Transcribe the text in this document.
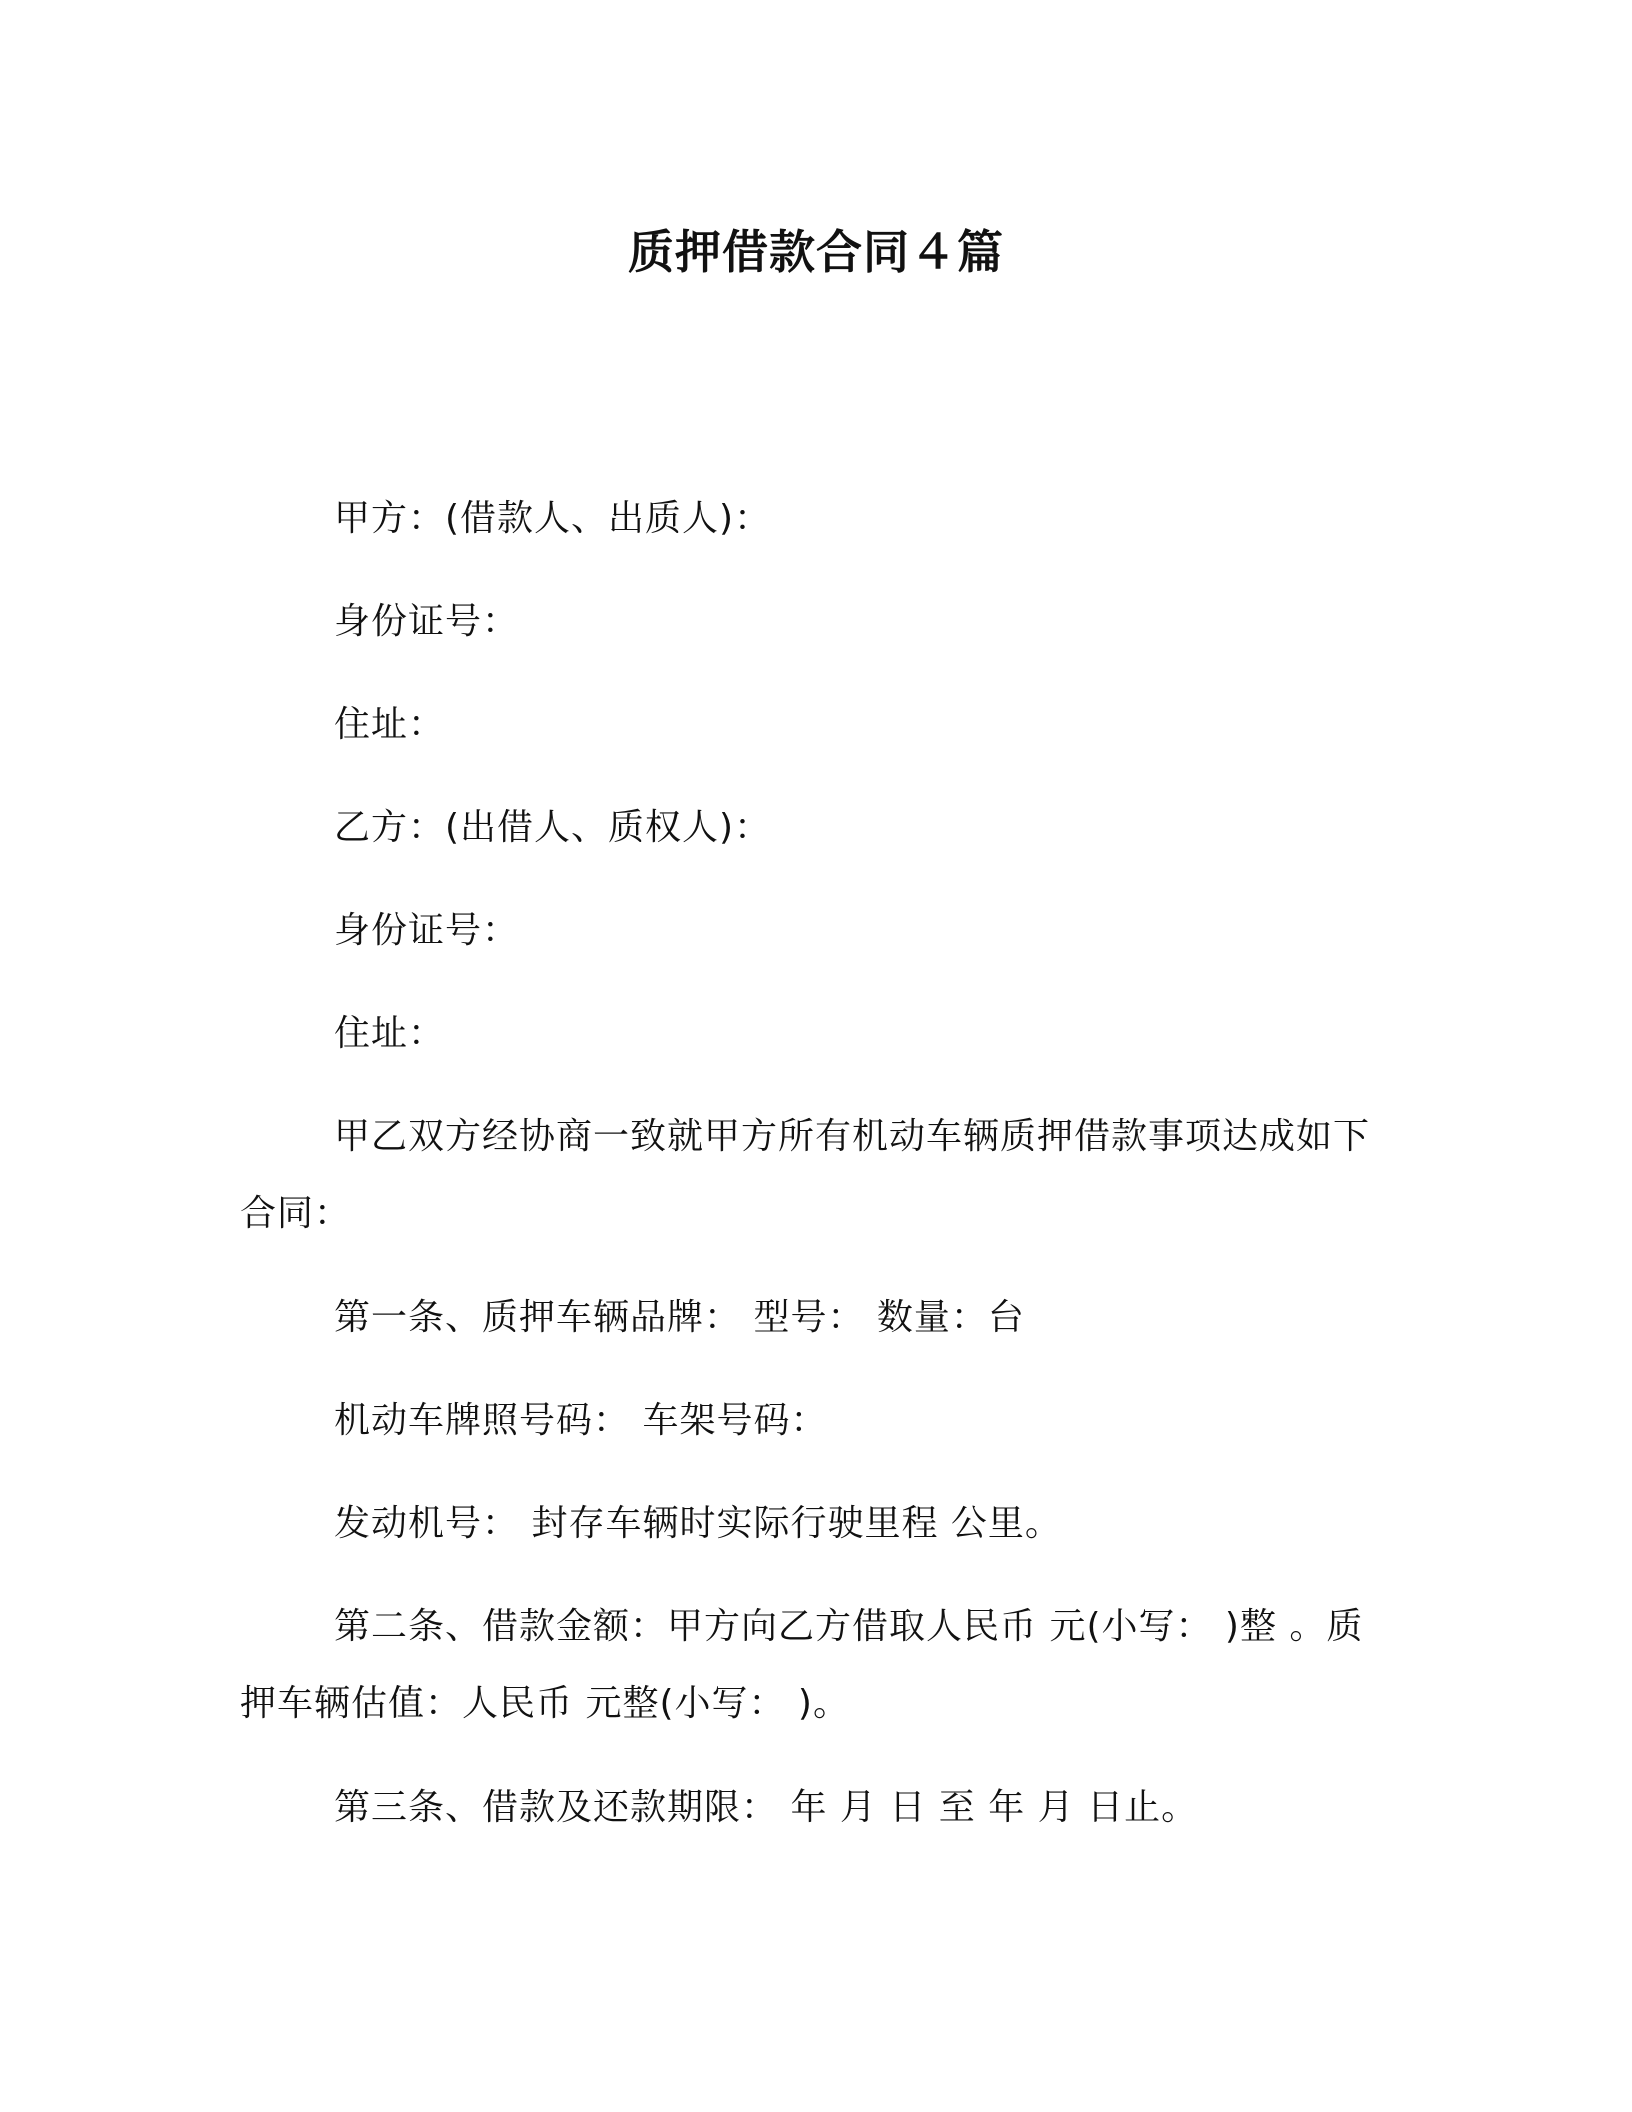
质押借款合同４篇
甲方：(借款人、出质人)：
身份证号：
住址：
乙方：(出借人、质权人)：
身份证号：
住址：
甲乙双方经协商一致就甲方所有机动车辆质押借款事项达成如下
合同：
第一条、质押车辆品牌： 型号： 数量：台
机动车牌照号码： 车架号码：
发动机号： 封存车辆时实际行驶里程 公里。
第二条、借款金额：甲方向乙方借取人民币 元(小写： )整 。质
押车辆估值：人民币 元整(小写： )。
第三条、借款及还款期限： 年 月 日 至 年 月 日止。
